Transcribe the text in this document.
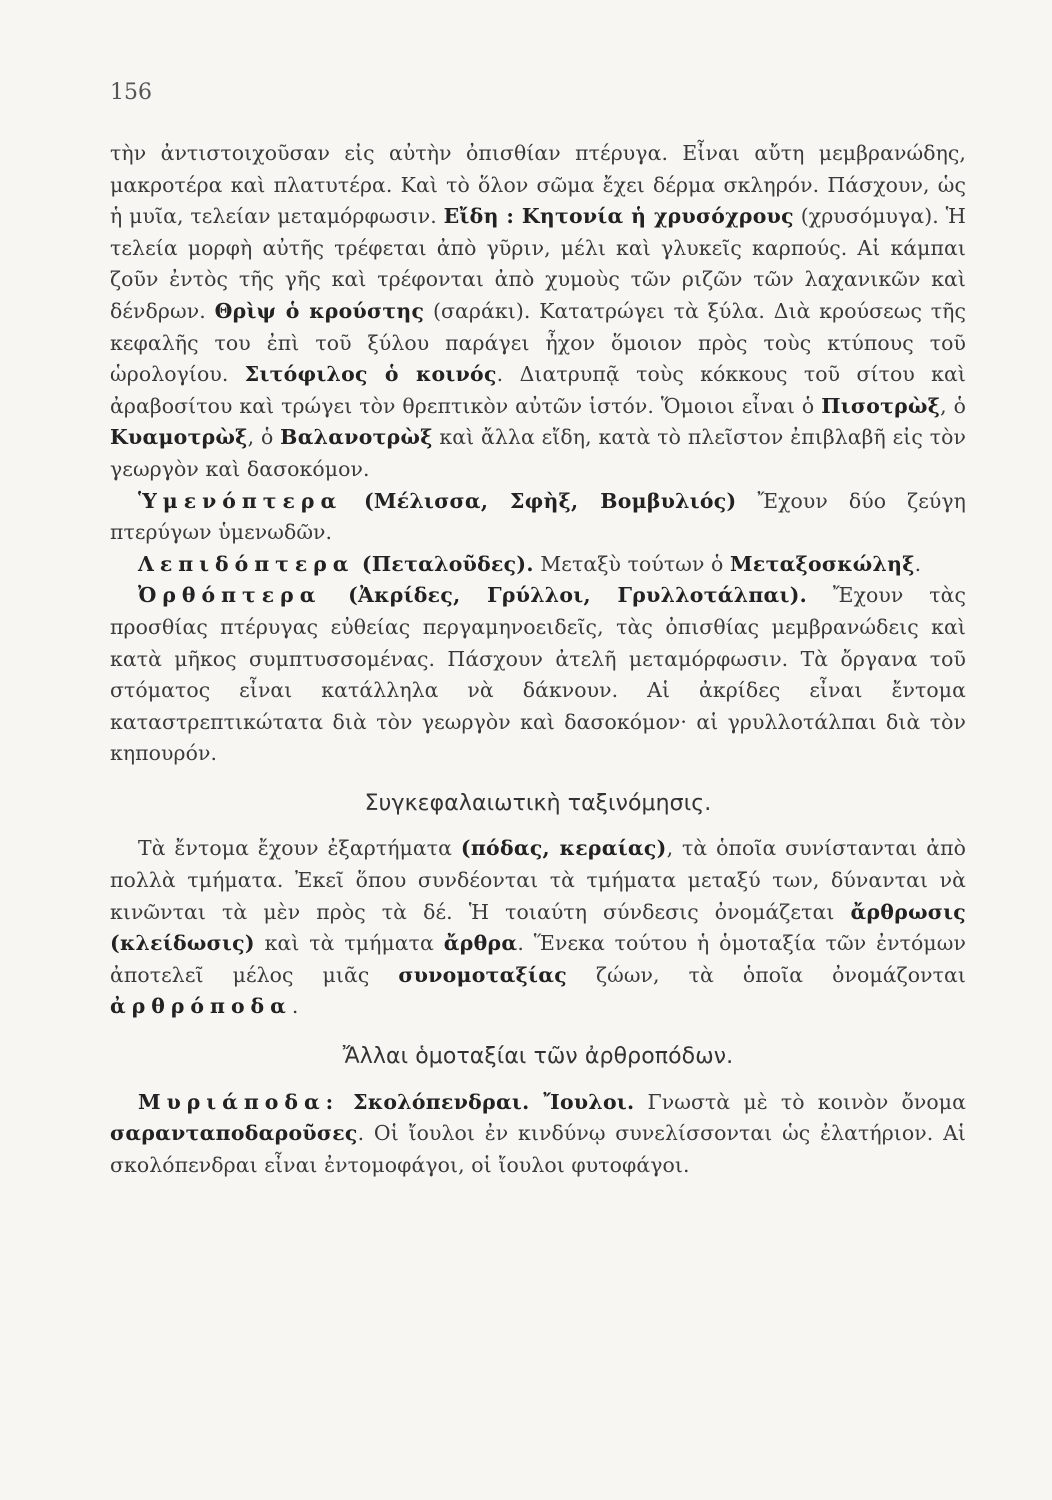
156

τὴν ἀντιστοιχοῦσαν εἰς αὐτὴν ὀπισθίαν πτέρυγα. Εἶναι αὔτη μεμβρανώδης, μακροτέρα καὶ πλατυτέρα. Καὶ τὸ ὅλον σῶμα ἔχει δέρμα σκληρόν. Πάσχουν, ὡς ἡ μυῖα, τελείαν μεταμόρφωσιν. Εἴδη : Κητονία ἡ χρυσόχρους (χρυσόμυγα). Ἡ τελεία μορφὴ αὐτῆς τρέφεται ἀπὸ γῦριν, μέλι καὶ γλυκεῖς καρπούς. Αἱ κάμπαι ζοῦν ἐντὸς τῆς γῆς καὶ τρέφονται ἀπὸ χυμοὺς τῶν ριζῶν τῶν λαχανικῶν καὶ δένδρων. Θρὶψ ὁ κρούστης (σαράκι). Κατατρώγει τὰ ξύλα. Διὰ κρούσεως τῆς κεφαλῆς του ἐπὶ τοῦ ξύλου παράγει ἦχον ὅμοιον πρὸς τοὺς κτύπους τοῦ ὡρολογίου. Σιτόφιλος ὁ κοινός. Διατρυπᾷ τοὺς κόκκους τοῦ σίτου καὶ ἀραβοσίτου καὶ τρώγει τὸν θρεπτικὸν αὐτῶν ἱστόν. Ὅμοιοι εἶναι ὁ Πισοτρὼξ, ὁ Κυαμοτρὼξ, ὁ Βαλανοτρὼξ καὶ ἄλλα εἴδη, κατὰ τὸ πλεῖστον ἐπιβλαβῆ εἰς τὸν γεωργὸν καὶ δασοκόμον.

Ὑμενόπτερα (Μέλισσα, Σφὴξ, Βομβυλιός) Ἔχουν δύο ζεύγη πτερύγων ὑμενωδῶν.

Λεπιδόπτερα (Πεταλοῦδες). Μεταξὺ τούτων ὁ Μεταξοσκώληξ.

Ὀρθόπτερα (Ἀκρίδες, Γρύλλοι, Γρυλλοτάλπαι). Ἔχουν τὰς προσθίας πτέρυγας εὐθείας περγαμηνοειδεῖς, τὰς ὀπισθίας μεμβρανώδεις καὶ κατὰ μῆκος συμπτυσσομένας. Πάσχουν ἀτελῆ μεταμόρφωσιν. Τὰ ὄργανα τοῦ στόματος εἶναι κατάλληλα νὰ δάκνουν. Αἱ ἀκρίδες εἶναι ἔντομα καταστρεπτικώτατα διὰ τὸν γεωργὸν καὶ δασοκόμον· αἱ γρυλλοτάλπαι διὰ τὸν κηπουρόν.

Συγκεφαλαιωτικὴ ταξινόμησις.

Τὰ ἔντομα ἔχουν ἐξαρτήματα (πόδας, κεραίας), τὰ ὁποῖα συνίστανται ἀπὸ πολλὰ τμήματα. Ἐκεῖ ὅπου συνδέονται τὰ τμήματα μεταξύ των, δύνανται νὰ κινῶνται τὰ μὲν πρὸς τὰ δέ. Ἡ τοιαύτη σύνδεσις ὀνομάζεται ἄρθρωσις (κλείδωσις) καὶ τὰ τμήματα ἄρθρα. Ἕνεκα τούτου ἡ ὁμοταξία τῶν ἐντόμων ἀποτελεῖ μέλος μιᾶς συνομοταξίας ζώων, τὰ ὁποῖα ὀνομάζονται ἀρθρόποδα.

Ἄλλαι ὁμοταξίαι τῶν ἀρθροπόδων.

Μυριάποδα: Σκολόπενδραι. Ἴουλοι. Γνωστὰ μὲ τὸ κοινὸν ὄνομα σαρανταποδαροῦσες. Οἱ ἴουλοι ἐν κινδύνῳ συνελίσσονται ὡς ἐλατήριον. Αἱ σκολόπενδραι εἶναι ἐντομοφάγοι, οἱ ἴουλοι φυτοφάγοι.
